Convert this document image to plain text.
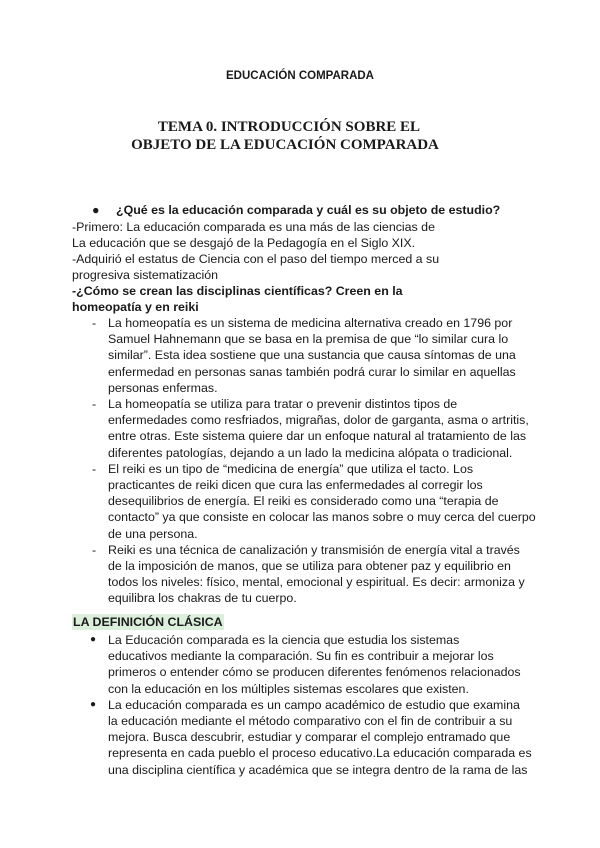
EDUCACIÓN COMPARADA
TEMA 0. INTRODUCCIÓN SOBRE EL
OBJETO DE LA EDUCACIÓN COMPARADA
●	¿Qué es la educación comparada y cuál es su objeto de estudio?
-Primero: La educación comparada es una más de las ciencias de
La educación que se desgajó de la Pedagogía en el Siglo XIX.
-Adquirió el estatus de Ciencia con el paso del tiempo merced a su
progresiva sistematización
-¿Cómo se crean las disciplinas científicas? Creen en la
homeopatía y en reiki
- La homeopatía es un sistema de medicina alternativa creado en 1796 por
Samuel Hahnemann que se basa en la premisa de que “lo similar cura lo
similar”. Esta idea sostiene que una sustancia que causa síntomas de una
enfermedad en personas sanas también podrá curar lo similar en aquellas
personas enfermas.
- La homeopatía se utiliza para tratar o prevenir distintos tipos de
enfermedades como resfriados, migrañas, dolor de garganta, asma o artritis,
entre otras. Este sistema quiere dar un enfoque natural al tratamiento de las
diferentes patologías, dejando a un lado la medicina alópata o tradicional.
- El reiki es un tipo de “medicina de energía” que utiliza el tacto. Los
practicantes de reiki dicen que cura las enfermedades al corregir los
desequilibrios de energía. El reiki es considerado como una “terapia de
contacto” ya que consiste en colocar las manos sobre o muy cerca del cuerpo
de una persona.
- Reiki es una técnica de canalización y transmisión de energía vital a través
de la imposición de manos, que se utiliza para obtener paz y equilibrio en
todos los niveles: físico, mental, emocional y espiritual. Es decir: armoniza y
equilibra los chakras de tu cuerpo.
LA DEFINICIÓN CLÁSICA
● La Educación comparada es la ciencia que estudia los sistemas
educativos mediante la comparación. Su fin es contribuir a mejorar los
primeros o entender cómo se producen diferentes fenómenos relacionados
con la educación en los múltiples sistemas escolares que existen.
● La educación comparada es un campo académico de estudio que examina
la educación mediante el método comparativo con el fin de contribuir a su
mejora. Busca descubrir, estudiar y comparar el complejo entramado que
representa en cada pueblo el proceso educativo.La educación comparada es
una disciplina científica y académica que se integra dentro de la rama de las
